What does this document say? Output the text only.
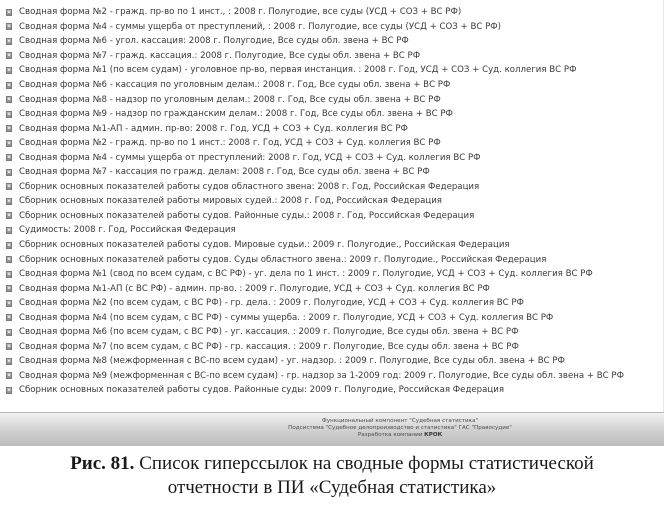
Сводная форма №2 - гражд. пр-во по 1 инст., : 2008 г. Полугодие, все суды (УСД + СОЗ + ВС РФ)
Сводная форма №4 - суммы ущерба от преступлений, : 2008 г. Полугодие, все суды (УСД + СОЗ + ВС РФ)
Сводная форма №6 - угол. кассация: 2008 г. Полугодие, Все суды обл. звена + ВС РФ
Сводная форма №7 - гражд. кассация.: 2008 г. Полугодие, Все суды обл. звена + ВС РФ
Сводная форма №1 (по всем судам) - уголовное пр-во, первая инстанция. : 2008 г. Год, УСД + СОЗ + Суд. коллегия ВС РФ
Сводная форма №6 - кассация по уголовным делам.: 2008 г. Год, Все суды обл. звена + ВС РФ
Сводная форма №8 - надзор по уголовным делам.: 2008 г. Год, Все суды обл. звена + ВС РФ
Сводная форма №9 - надзор по гражданским делам.: 2008 г. Год, Все суды обл. звена + ВС РФ
Сводная форма №1-АП - админ. пр-во: 2008 г. Год, УСД + СОЗ + Суд. коллегия ВС РФ
Сводная форма №2 - гражд. пр-во по 1 инст.: 2008 г. Год, УСД + СОЗ + Суд. коллегия ВС РФ
Сводная форма №4 - суммы ущерба от преступлений: 2008 г. Год, УСД + СОЗ + Суд. коллегия ВС РФ
Сводная форма №7 - кассация по гражд. делам: 2008 г. Год, Все суды обл. звена + ВС РФ
Сборник основных показателей работы судов областного звена: 2008 г. Год, Российская Федерация
Сборник основных показателей работы мировых судей.: 2008 г. Год, Российская Федерация
Сборник основных показателей работы судов. Районные суды.: 2008 г. Год, Российская Федерация
Судимость: 2008 г. Год, Российская Федерация
Сборник основных показателей работы судов. Мировые судьи.: 2009 г. Полугодие., Российская Федерация
Сборник основных показателей работы судов. Суды областного звена.: 2009 г. Полугодие., Российская Федерация
Сводная форма №1 (свод по всем судам, с ВС РФ) - уг. дела по 1 инст. : 2009 г. Полугодие, УСД + СОЗ + Суд. коллегия ВС РФ
Сводная форма №1-АП (с ВС РФ) - админ. пр-во. : 2009 г. Полугодие, УСД + СОЗ + Суд. коллегия ВС РФ
Сводная форма №2 (по всем судам, с ВС РФ) - гр. дела. : 2009 г. Полугодие, УСД + СОЗ + Суд. коллегия ВС РФ
Сводная форма №4 (по всем судам, с ВС РФ) - суммы ущерба. : 2009 г. Полугодие, УСД + СОЗ + Суд. коллегия ВС РФ
Сводная форма №6 (по всем судам, с ВС РФ) - уг. кассация. : 2009 г. Полугодие, Все суды обл. звена + ВС РФ
Сводная форма №7 (по всем судам, с ВС РФ) - гр. кассация. : 2009 г. Полугодие, Все суды обл. звена + ВС РФ
Сводная форма №8 (межформенная с ВС-по всем судам) - уг. надзор. : 2009 г. Полугодие, Все суды обл. звена + ВС РФ
Сводная форма №9 (межформенная с ВС-по всем судам) - гр. надзор за 1-2009 год: 2009 г. Полугодие, Все суды обл. звена + ВС РФ
Сборник основных показателей работы судов. Районные суды: 2009 г. Полугодие, Российская Федерация
Функциональный компонент "Судебная статистика"
Подсистема "Судебное делопроизводство и статистика" ГАС "Правосудие"
Разработка компании КРОК
Рис. 81. Список гиперссылок на сводные формы статистической
отчетности в ПИ «Судебная статистика»
